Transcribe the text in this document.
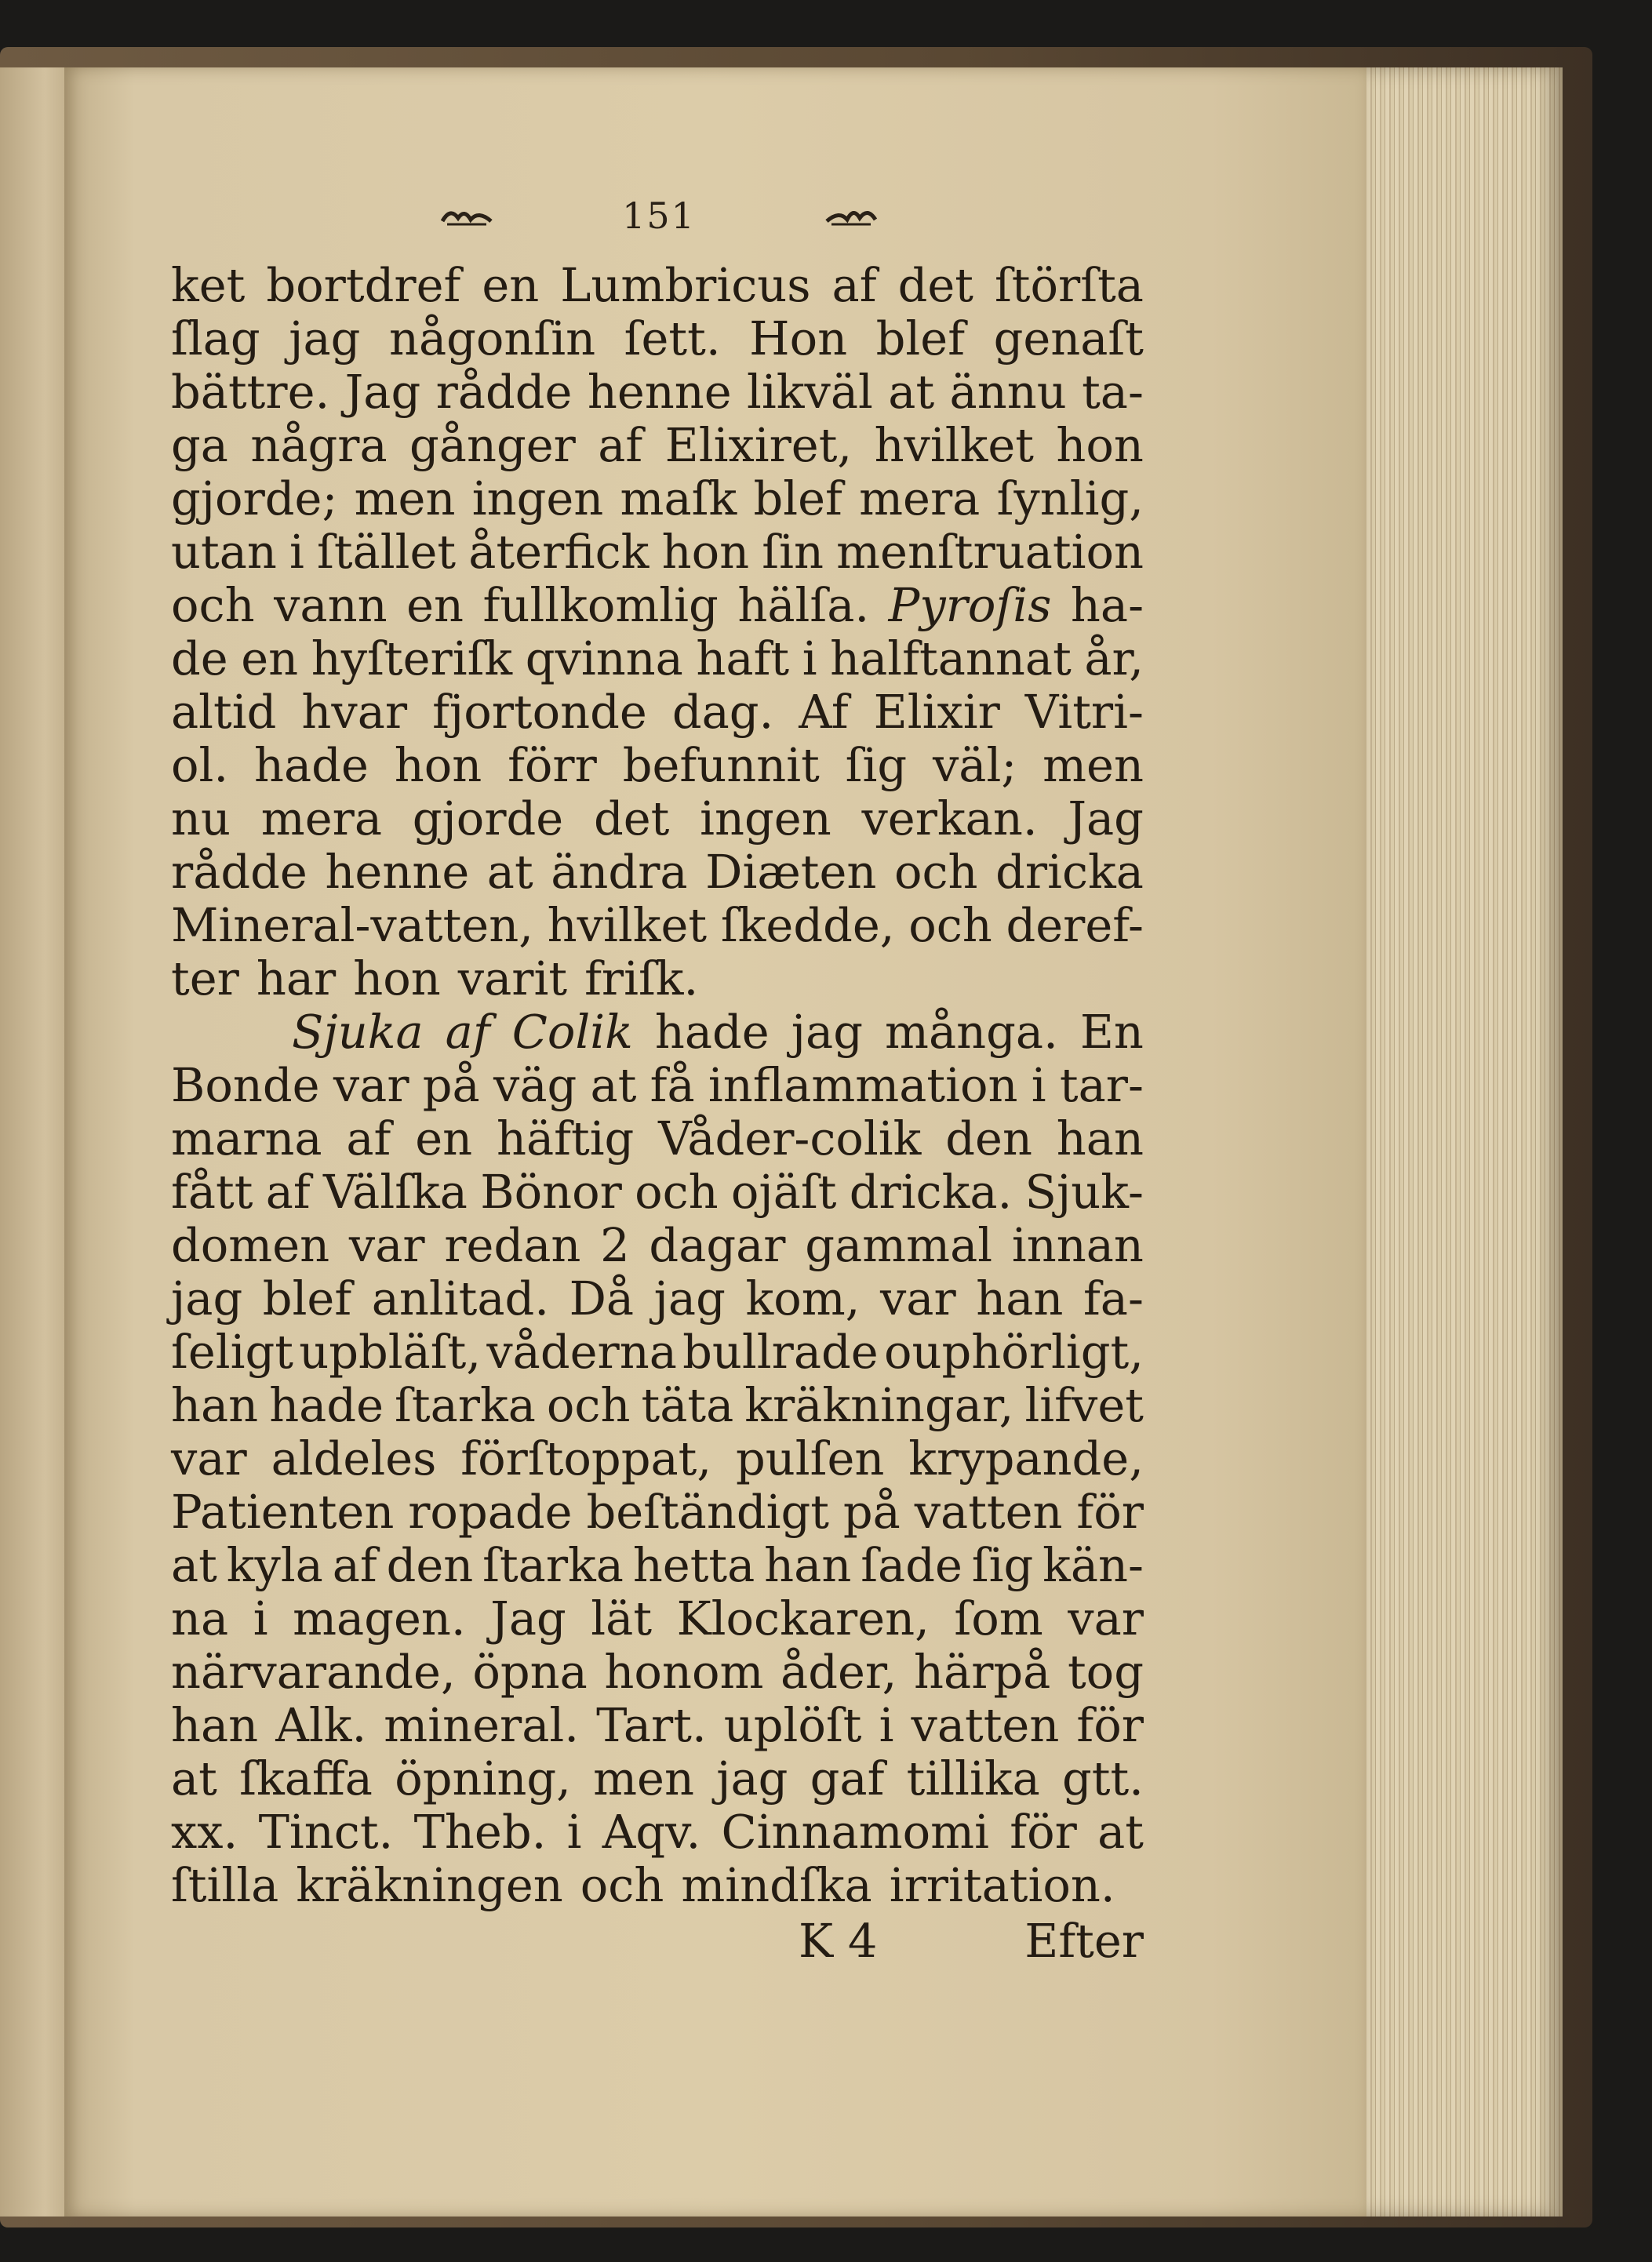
151
ket bortdref en Lumbricus af det ſtörſta
ſlag jag någonſin ſett. Hon blef genaſt
bättre. Jag rådde henne likväl at ännu ta-
ga några gånger af Elixiret, hvilket hon
gjorde; men ingen maſk blef mera ſynlig,
utan i ſtället återfick hon ſin menſtruation
och vann en fullkomlig hälſa. Pyroſis ha-
de en hyſteriſk qvinna haft i halftannat år,
altid hvar fjortonde dag. Af Elixir Vitri-
ol. hade hon förr befunnit ſig väl; men
nu mera gjorde det ingen verkan. Jag
rådde henne at ändra Diæten och dricka
Mineral-vatten, hvilket ſkedde, och deref-
ter har hon varit friſk.
Sjuka af Colik hade jag många. En
Bonde var på väg at få inflammation i tar-
marna af en häftig Våder-colik den han
fått af Välſka Bönor och ojäſt dricka. Sjuk-
domen var redan 2 dagar gammal innan
jag blef anlitad. Då jag kom, var han fa-
ſeligt upbläſt, våderna bullrade ouphörligt,
han hade ſtarka och täta kräkningar, lifvet
var aldeles förſtoppat, pulſen krypande,
Patienten ropade beſtändigt på vatten för
at kyla af den ſtarka hetta han ſade ſig kän-
na i magen. Jag lät Klockaren, ſom var
närvarande, öpna honom åder, härpå tog
han Alk. mineral. Tart. uplöſt i vatten för
at ſkaffa öpning, men jag gaf tillika gtt.
xx. Tinct. Theb. i Aqv. Cinnamomi för at
ſtilla kräkningen och mindſka irritation.
K 4	Efter
